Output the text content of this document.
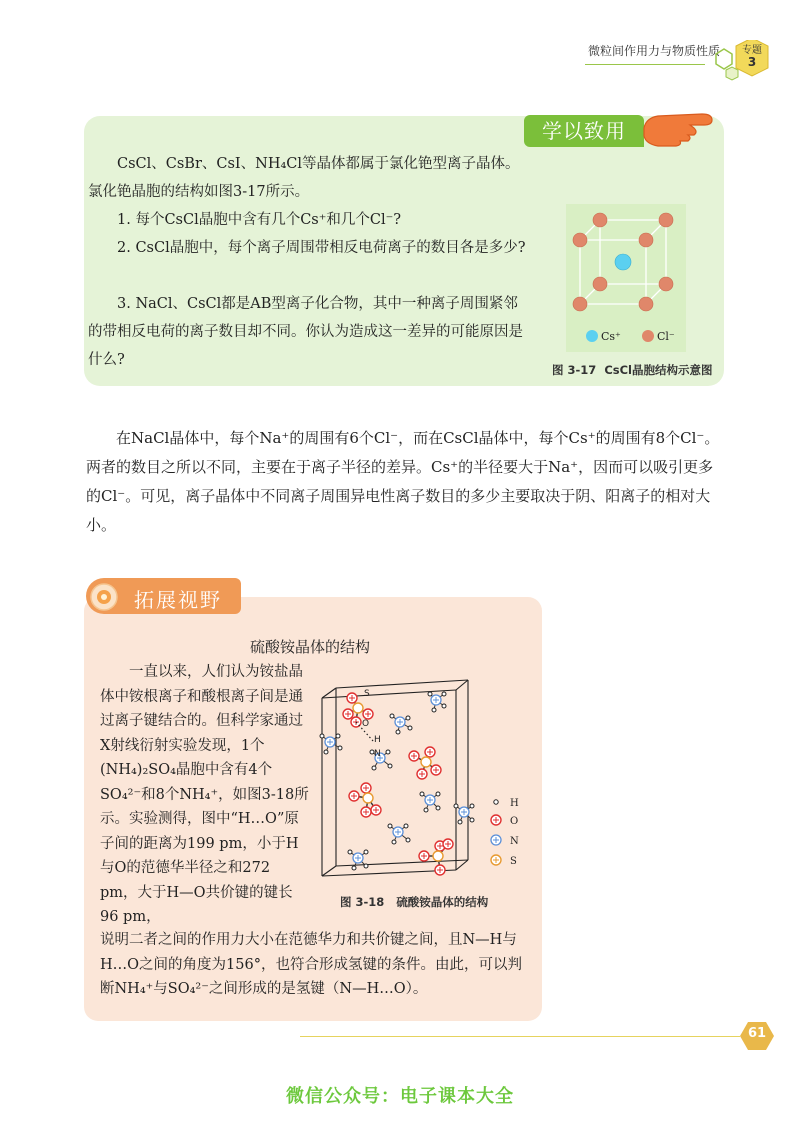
微粒间作用力与物质性质 专题
3
学以致用
CsCl、CsBr、CsI、NH₄Cl等晶体都属于氯化铯型离子晶体。氯化铯晶胞的结构如图3-17所示。
1. 每个CsCl晶胞中含有几个Cs⁺和几个Cl⁻?
2. CsCl晶胞中，每个离子周围带相反电荷离子的数目各是多少?
3. NaCl、CsCl都是AB型离子化合物，其中一种离子周围紧邻的带相反电荷的离子数目却不同。你认为造成这一差异的可能原因是什么?
Cs⁺	Cl⁻
图 3-17 CsCl晶胞结构示意图
在NaCl晶体中，每个Na⁺的周围有6个Cl⁻，而在CsCl晶体中，每个Cs⁺的周围有8个Cl⁻。两者的数目之所以不同，主要在于离子半径的差异。Cs⁺的半径要大于Na⁺，因而可以吸引更多的Cl⁻。可见，离子晶体中不同离子周围异电性离子数目的多少主要取决于阴、阳离子的相对大小。
拓展视野
硫酸铵晶体的结构
一直以来，人们认为铵盐晶体中铵根离子和酸根离子间是通过离子键结合的。但科学家通过X射线衍射实验发现，1个(NH₄)₂SO₄晶胞中含有4个SO₄²⁻和8个NH₄⁺，如图3-18所示。实验测得，图中“H…O”原子间的距离为199 pm，小于H与O的范德华半径之和272 pm，大于H—O共价键的键长96 pm，
说明二者之间的作用力大小在范德华力和共价键之间，且N—H与H…O之间的角度为156°，也符合形成氢键的条件。由此，可以判断NH₄⁺与SO₄²⁻之间形成的是氢键（N—H…O）。
S
O
H
N
H
O
N
S
图 3-18 硫酸铵晶体的结构
61
微信公众号：电子课本大全
